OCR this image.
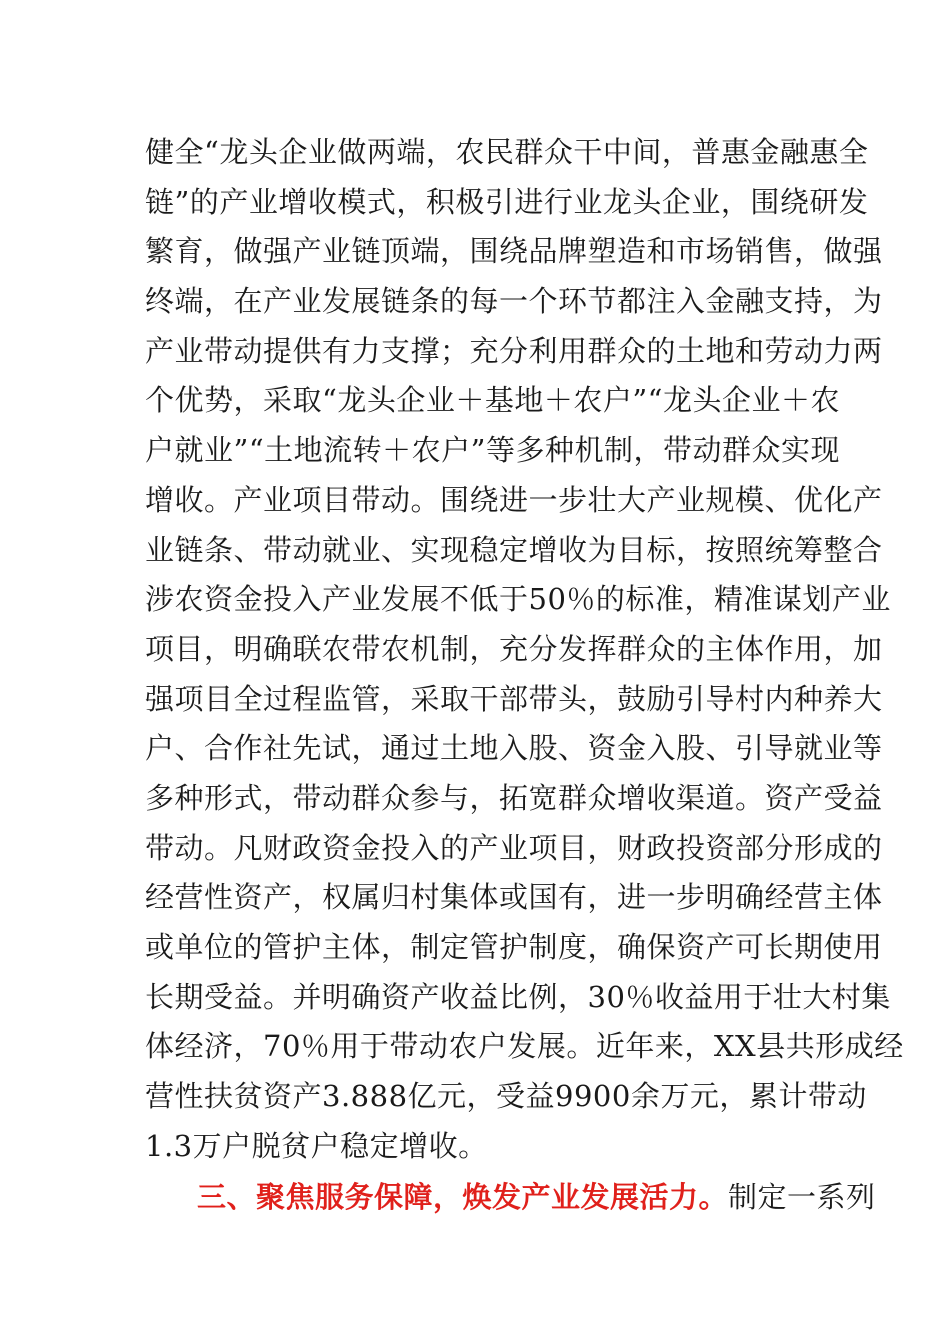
健全“龙头企业做两端，农民群众干中间，普惠金融惠全
链”的产业增收模式，积极引进行业龙头企业，围绕研发
繁育，做强产业链顶端，围绕品牌塑造和市场销售，做强
终端，在产业发展链条的每一个环节都注入金融支持，为
产业带动提供有力支撑；充分利用群众的土地和劳动力两
个优势，采取“龙头企业＋基地＋农户”“龙头企业＋农
户就业”“土地流转＋农户”等多种机制，带动群众实现
增收。产业项目带动。围绕进一步壮大产业规模、优化产
业链条、带动就业、实现稳定增收为目标，按照统筹整合
涉农资金投入产业发展不低于50％的标准，精准谋划产业
项目，明确联农带农机制，充分发挥群众的主体作用，加
强项目全过程监管，采取干部带头，鼓励引导村内种养大
户、合作社先试，通过土地入股、资金入股、引导就业等
多种形式，带动群众参与，拓宽群众增收渠道。资产受益
带动。凡财政资金投入的产业项目，财政投资部分形成的
经营性资产，权属归村集体或国有，进一步明确经营主体
或单位的管护主体，制定管护制度，确保资产可长期使用
长期受益。并明确资产收益比例，30％收益用于壮大村集
体经济，70％用于带动农户发展。近年来，XX县共形成经
营性扶贫资产3.888亿元，受益9900余万元，累计带动
1.3万户脱贫户稳定增收。
三、聚焦服务保障，焕发产业发展活力。制定一系列
